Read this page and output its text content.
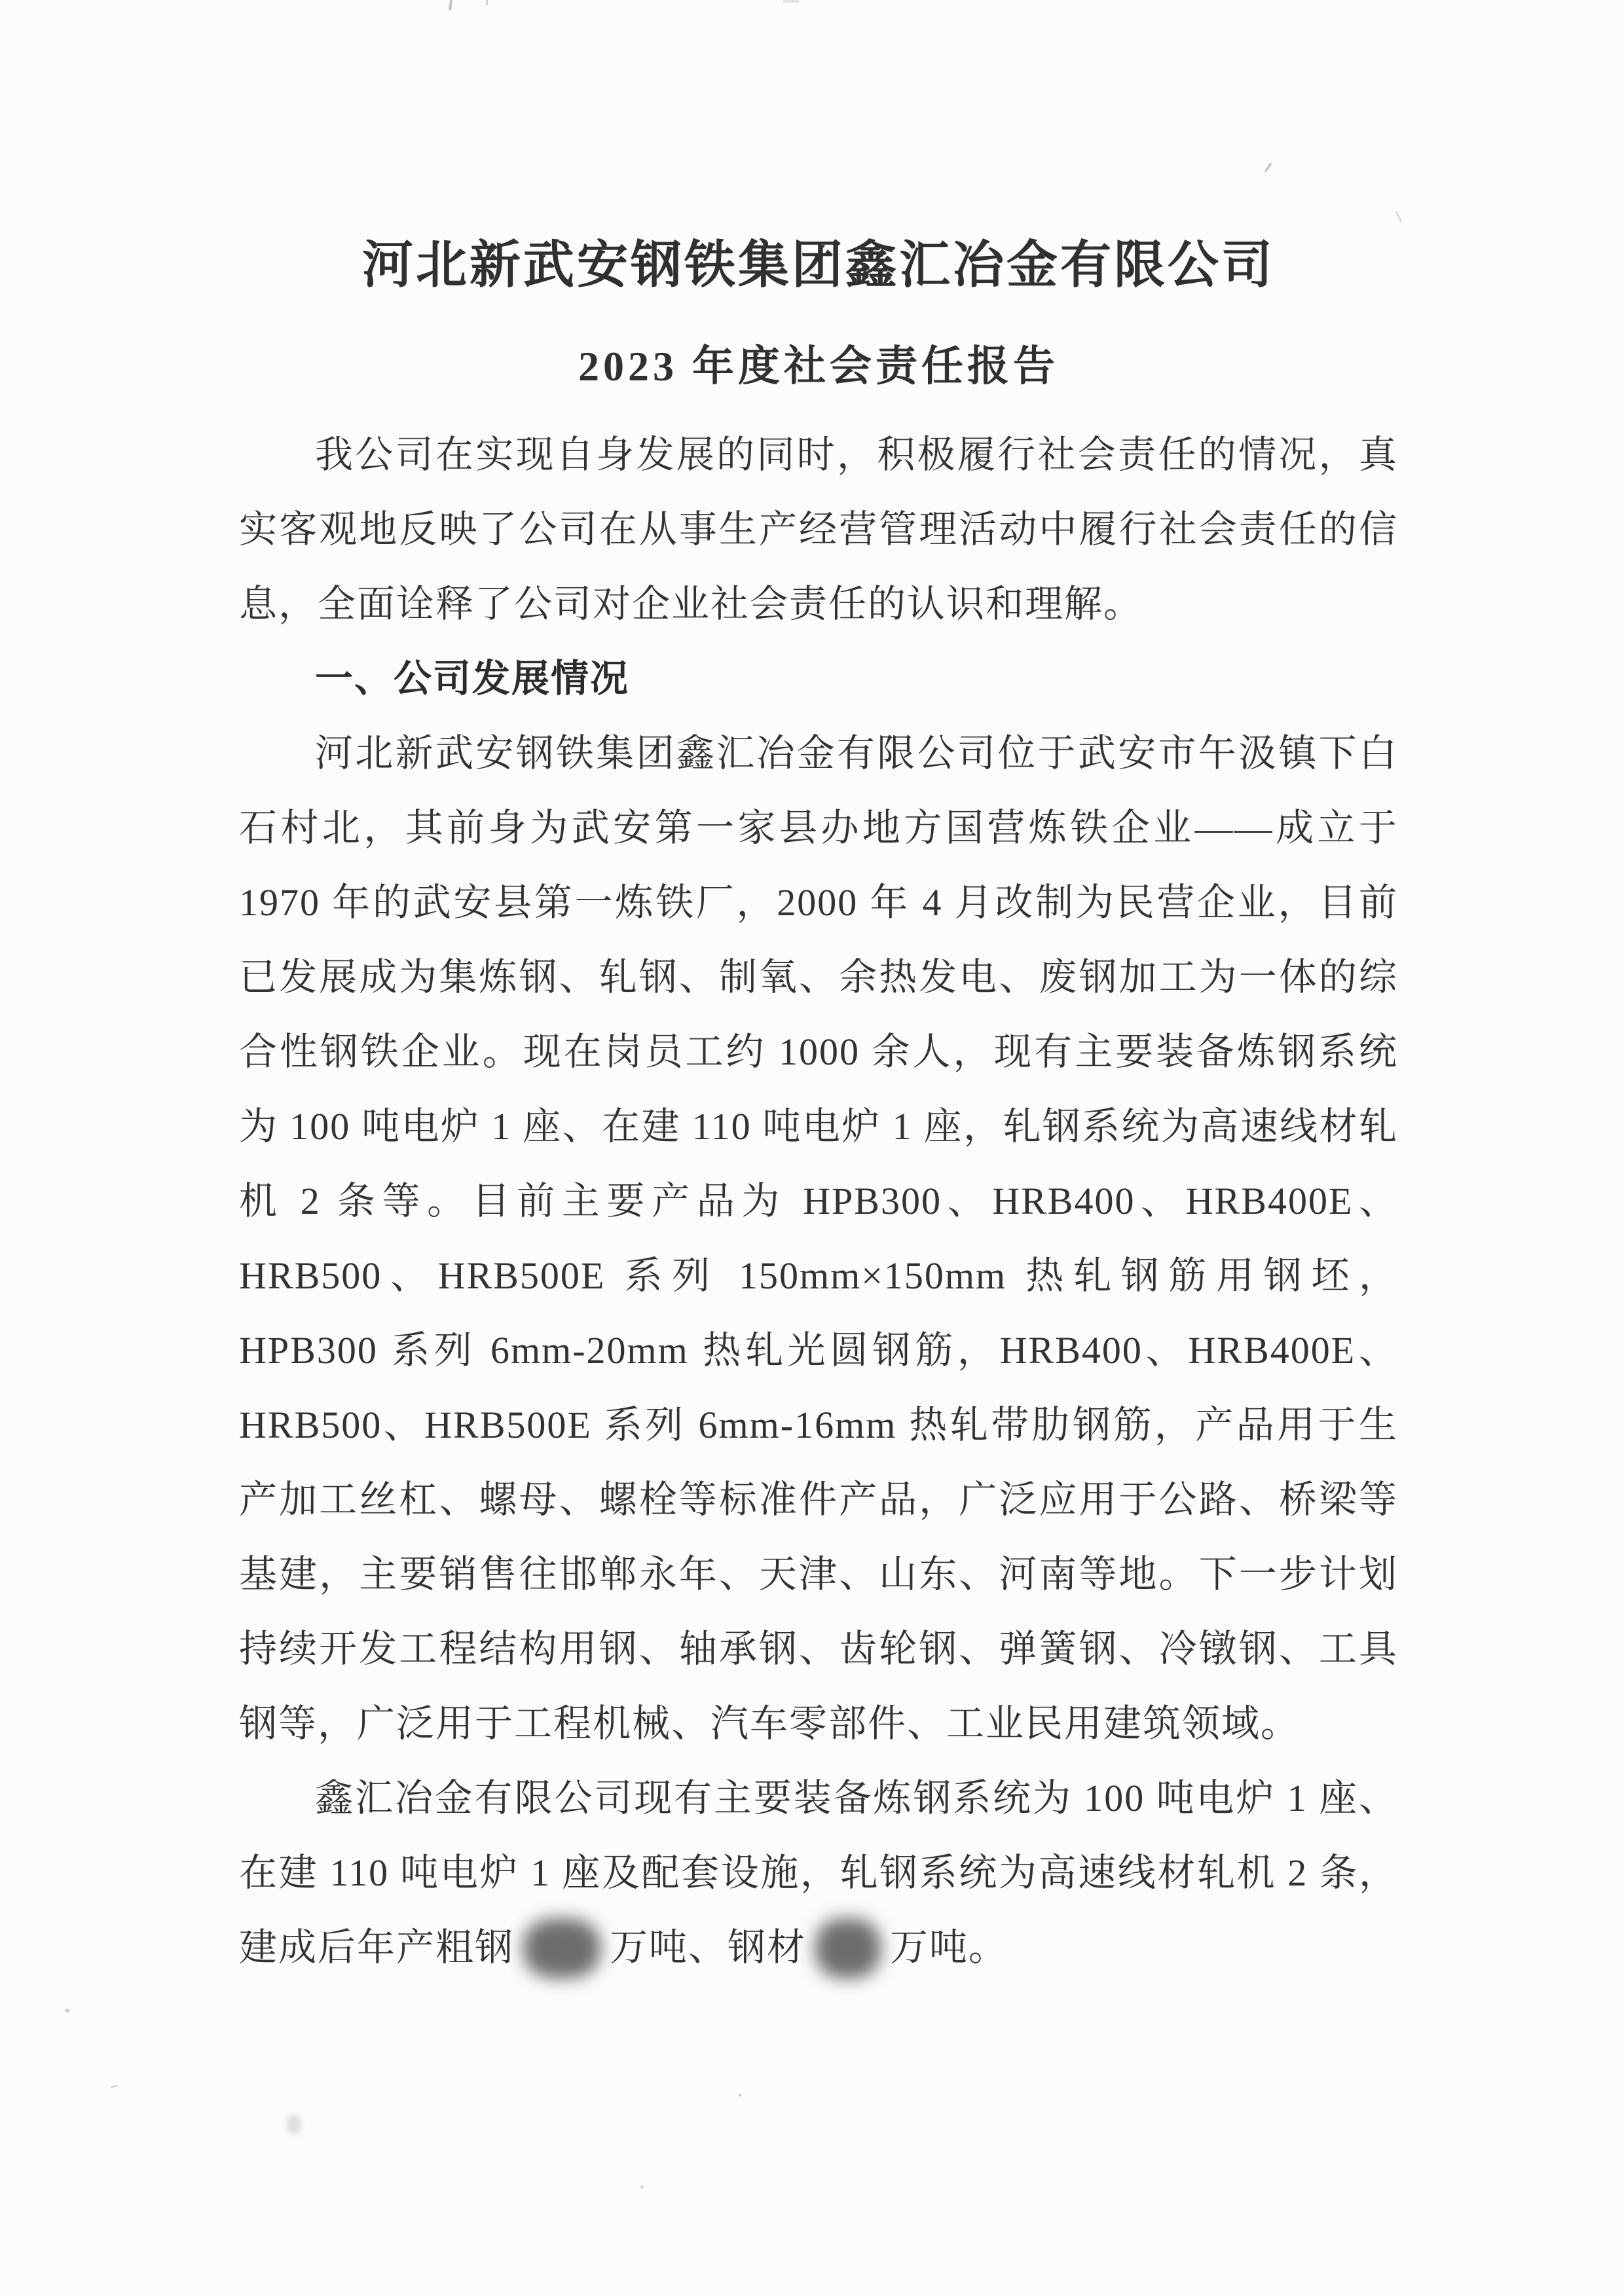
河北新武安钢铁集团鑫汇冶金有限公司
2023 年度社会责任报告

我公司在实现自身发展的同时，积极履行社会责任的情况，真实客观地反映了公司在从事生产经营管理活动中履行社会责任的信息，全面诠释了公司对企业社会责任的认识和理解。

一、公司发展情况

河北新武安钢铁集团鑫汇冶金有限公司位于武安市午汲镇下白石村北，其前身为武安第一家县办地方国营炼铁企业——成立于 1970 年的武安县第一炼铁厂，2000 年 4 月改制为民营企业，目前已发展成为集炼钢、轧钢、制氧、余热发电、废钢加工为一体的综合性钢铁企业。现在岗员工约 1000 余人，现有主要装备炼钢系统为 100 吨电炉 1 座、在建 110 吨电炉 1 座，轧钢系统为高速线材轧机 2 条等。目前主要产品为 HPB300、HRB400、HRB400E、HRB500、HRB500E 系列 150mm×150mm 热轧钢筋用钢坯，HPB300 系列 6mm-20mm 热轧光圆钢筋，HRB400、HRB400E、HRB500、HRB500E 系列 6mm-16mm 热轧带肋钢筋，产品用于生产加工丝杠、螺母、螺栓等标准件产品，广泛应用于公路、桥梁等基建，主要销售往邯郸永年、天津、山东、河南等地。下一步计划持续开发工程结构用钢、轴承钢、齿轮钢、弹簧钢、冷镦钢、工具钢等，广泛用于工程机械、汽车零部件、工业民用建筑领域。

鑫汇冶金有限公司现有主要装备炼钢系统为 100 吨电炉 1 座、在建 110 吨电炉 1 座及配套设施，轧钢系统为高速线材轧机 2 条，建成后年产粗钢	万吨、钢材 万吨。
